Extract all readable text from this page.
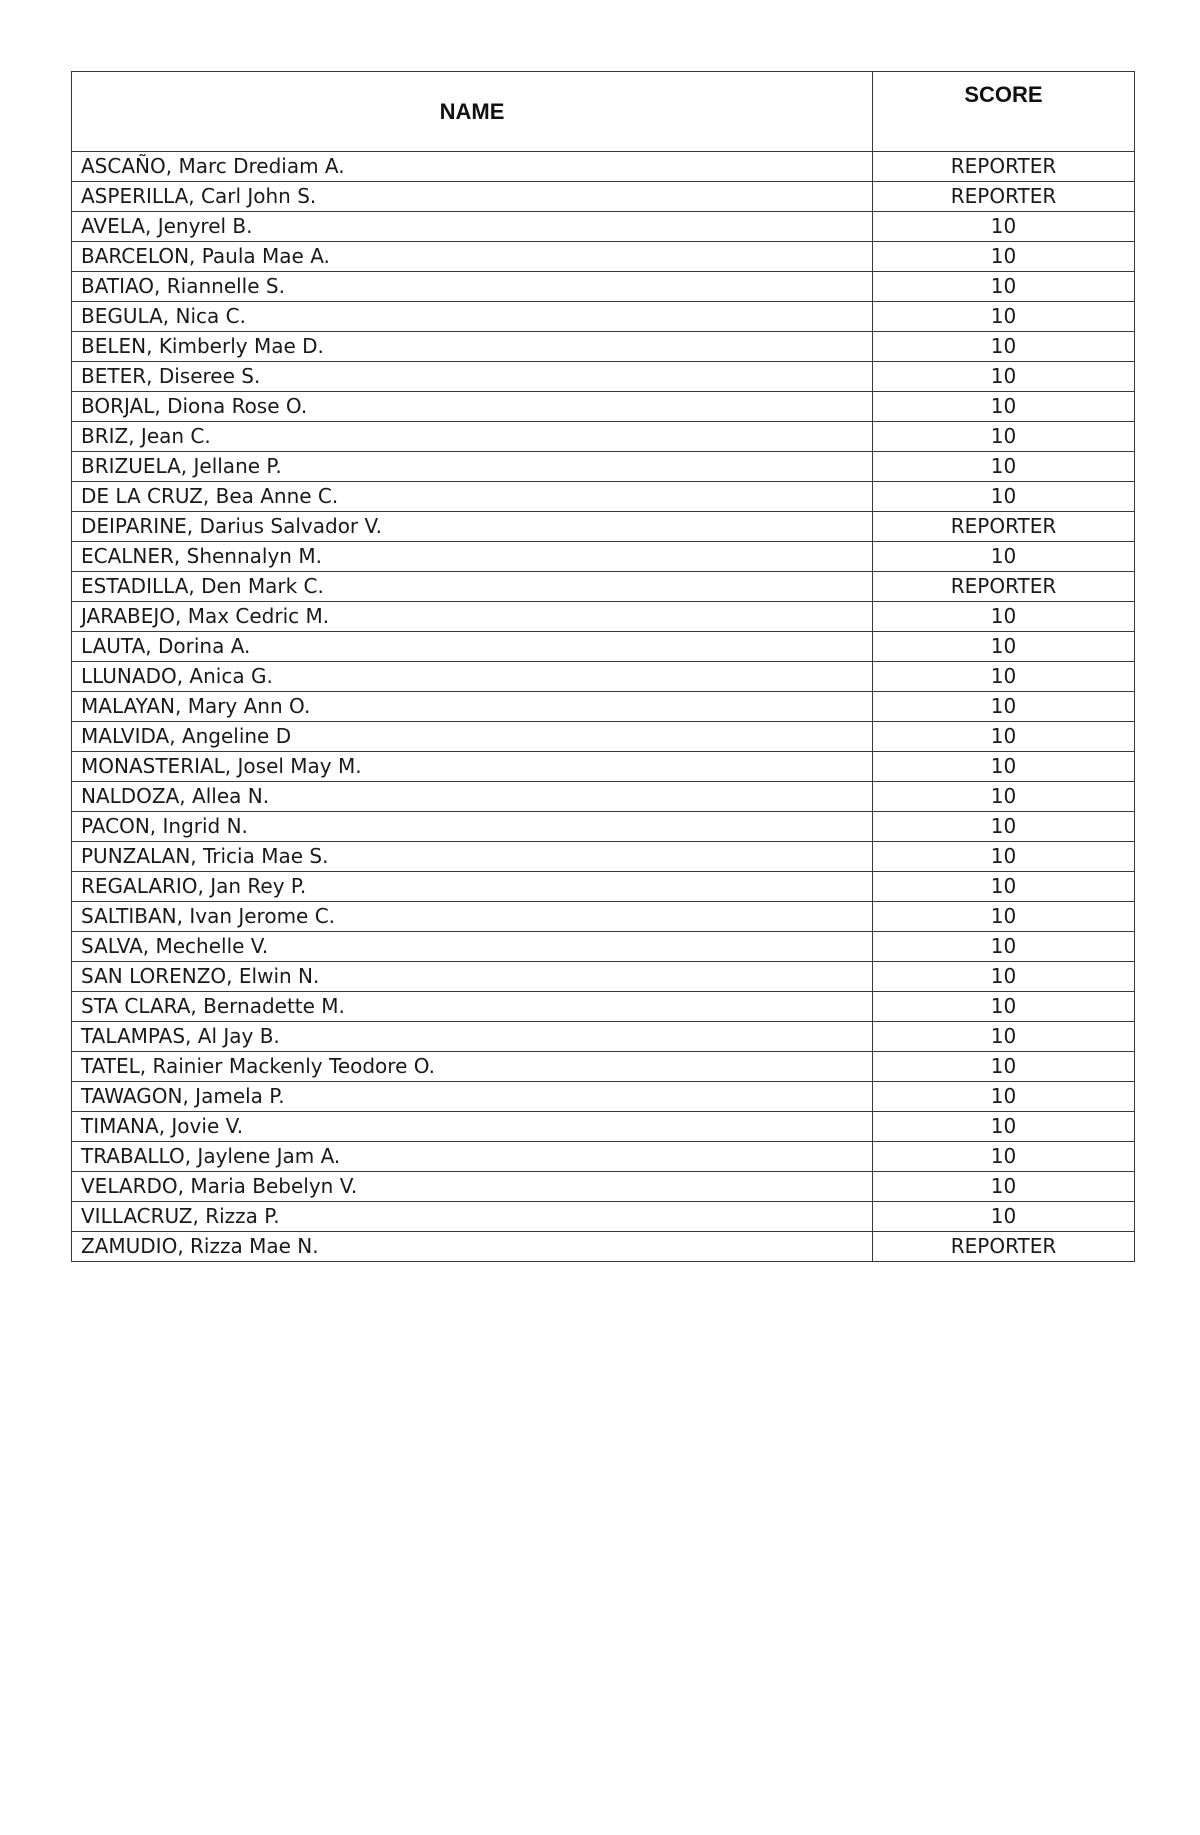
NAME	SCORE
ASCAÑO, Marc Drediam A.	REPORTER
ASPERILLA, Carl John S.	REPORTER
AVELA, Jenyrel B.	10
BARCELON, Paula Mae A.	10
BATIAO, Riannelle S.	10
BEGULA, Nica C.	10
BELEN, Kimberly Mae D.	10
BETER, Diseree S.	10
BORJAL, Diona Rose O.	10
BRIZ, Jean C.	10
BRIZUELA, Jellane P.	10
DE LA CRUZ, Bea Anne C.	10
DEIPARINE, Darius Salvador V.	REPORTER
ECALNER, Shennalyn M.	10
ESTADILLA, Den Mark C.	REPORTER
JARABEJO, Max Cedric M.	10
LAUTA, Dorina A.	10
LLUNADO, Anica G.	10
MALAYAN, Mary Ann O.	10
MALVIDA, Angeline D	10
MONASTERIAL, Josel May M.	10
NALDOZA, Allea N.	10
PACON, Ingrid N.	10
PUNZALAN, Tricia Mae S.	10
REGALARIO, Jan Rey P.	10
SALTIBAN, Ivan Jerome C.	10
SALVA, Mechelle V.	10
SAN LORENZO, Elwin N.	10
STA CLARA, Bernadette M.	10
TALAMPAS, Al Jay B.	10
TATEL, Rainier Mackenly Teodore O.	10
TAWAGON, Jamela P.	10
TIMANA, Jovie V.	10
TRABALLO, Jaylene Jam A.	10
VELARDO, Maria Bebelyn V.	10
VILLACRUZ, Rizza P.	10
ZAMUDIO, Rizza Mae N.	REPORTER
